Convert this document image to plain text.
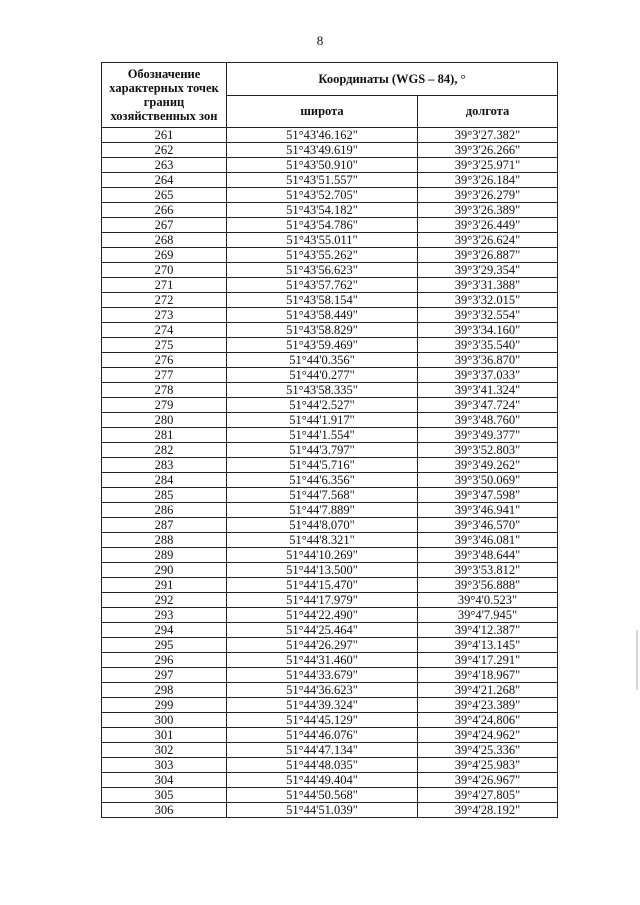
8
Обозначение характерных точек границ хозяйственных зон	Координаты (WGS – 84), °	
	широта	долгота
261	51°43'46.162"	39°3'27.382"
262	51°43'49.619"	39°3'26.266"
263	51°43'50.910"	39°3'25.971"
264	51°43'51.557"	39°3'26.184"
265	51°43'52.705"	39°3'26.279"
266	51°43'54.182"	39°3'26.389"
267	51°43'54.786"	39°3'26.449"
268	51°43'55.011"	39°3'26.624"
269	51°43'55.262"	39°3'26.887"
270	51°43'56.623"	39°3'29.354"
271	51°43'57.762"	39°3'31.388"
272	51°43'58.154"	39°3'32.015"
273	51°43'58.449"	39°3'32.554"
274	51°43'58.829"	39°3'34.160"
275	51°43'59.469"	39°3'35.540"
276	51°44'0.356"	39°3'36.870"
277	51°44'0.277"	39°3'37.033"
278	51°43'58.335"	39°3'41.324"
279	51°44'2.527"	39°3'47.724"
280	51°44'1.917"	39°3'48.760"
281	51°44'1.554"	39°3'49.377"
282	51°44'3.797"	39°3'52.803"
283	51°44'5.716"	39°3'49.262"
284	51°44'6.356"	39°3'50.069"
285	51°44'7.568"	39°3'47.598"
286	51°44'7.889"	39°3'46.941"
287	51°44'8.070"	39°3'46.570"
288	51°44'8.321"	39°3'46.081"
289	51°44'10.269"	39°3'48.644"
290	51°44'13.500"	39°3'53.812"
291	51°44'15.470"	39°3'56.888"
292	51°44'17.979"	39°4'0.523"
293	51°44'22.490"	39°4'7.945"
294	51°44'25.464"	39°4'12.387"
295	51°44'26.297"	39°4'13.145"
296	51°44'31.460"	39°4'17.291"
297	51°44'33.679"	39°4'18.967"
298	51°44'36.623"	39°4'21.268"
299	51°44'39.324"	39°4'23.389"
300	51°44'45.129"	39°4'24.806"
301	51°44'46.076"	39°4'24.962"
302	51°44'47.134"	39°4'25.336"
303	51°44'48.035"	39°4'25.983"
304	51°44'49.404"	39°4'26.967"
305	51°44'50.568"	39°4'27.805"
306	51°44'51.039"	39°4'28.192"
